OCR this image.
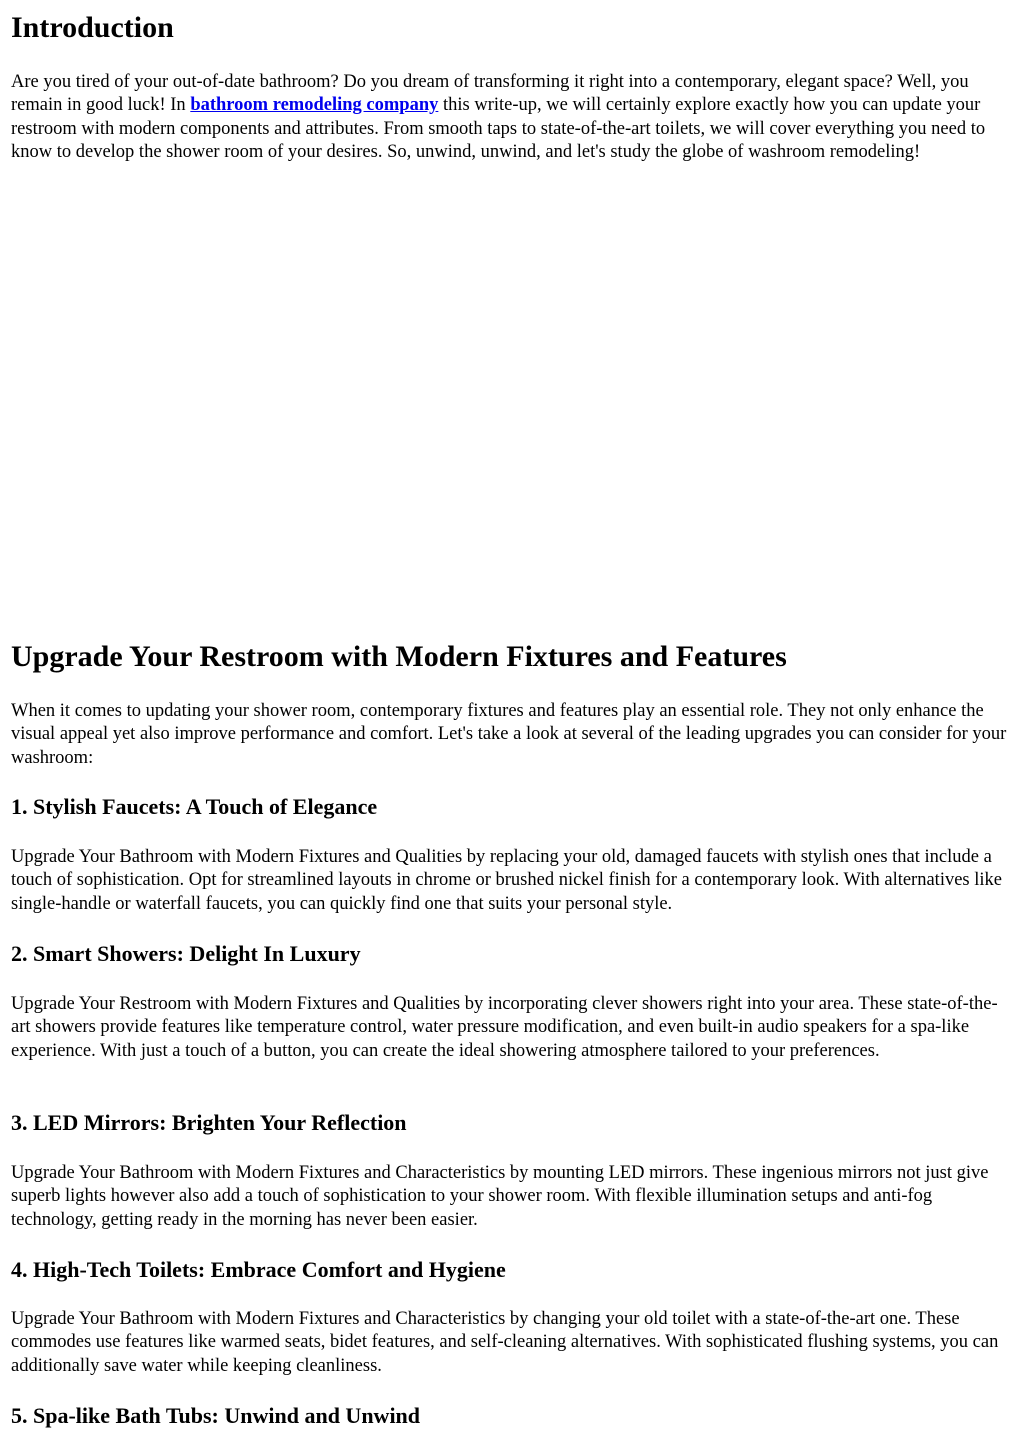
Introduction

Are you tired of your out-of-date bathroom? Do you dream of transforming it right into a contemporary, elegant space? Well, you remain in good luck! In bathroom remodeling company this write-up, we will certainly explore exactly how you can update your restroom with modern components and attributes. From smooth taps to state-of-the-art toilets, we will cover everything you need to know to develop the shower room of your desires. So, unwind, unwind, and let's study the globe of washroom remodeling!

Upgrade Your Restroom with Modern Fixtures and Features

When it comes to updating your shower room, contemporary fixtures and features play an essential role. They not only enhance the visual appeal yet also improve performance and comfort. Let's take a look at several of the leading upgrades you can consider for your washroom:

1. Stylish Faucets: A Touch of Elegance

Upgrade Your Bathroom with Modern Fixtures and Qualities by replacing your old, damaged faucets with stylish ones that include a touch of sophistication. Opt for streamlined layouts in chrome or brushed nickel finish for a contemporary look. With alternatives like single-handle or waterfall faucets, you can quickly find one that suits your personal style.

2. Smart Showers: Delight In Luxury

Upgrade Your Restroom with Modern Fixtures and Qualities by incorporating clever showers right into your area. These state-of-the-art showers provide features like temperature control, water pressure modification, and even built-in audio speakers for a spa-like experience. With just a touch of a button, you can create the ideal showering atmosphere tailored to your preferences.

3. LED Mirrors: Brighten Your Reflection

Upgrade Your Bathroom with Modern Fixtures and Characteristics by mounting LED mirrors. These ingenious mirrors not just give superb lights however also add a touch of sophistication to your shower room. With flexible illumination setups and anti-fog technology, getting ready in the morning has never been easier.

4. High-Tech Toilets: Embrace Comfort and Hygiene

Upgrade Your Bathroom with Modern Fixtures and Characteristics by changing your old toilet with a state-of-the-art one. These commodes use features like warmed seats, bidet features, and self-cleaning alternatives. With sophisticated flushing systems, you can additionally save water while keeping cleanliness.

5. Spa-like Bath Tubs: Unwind and Unwind
